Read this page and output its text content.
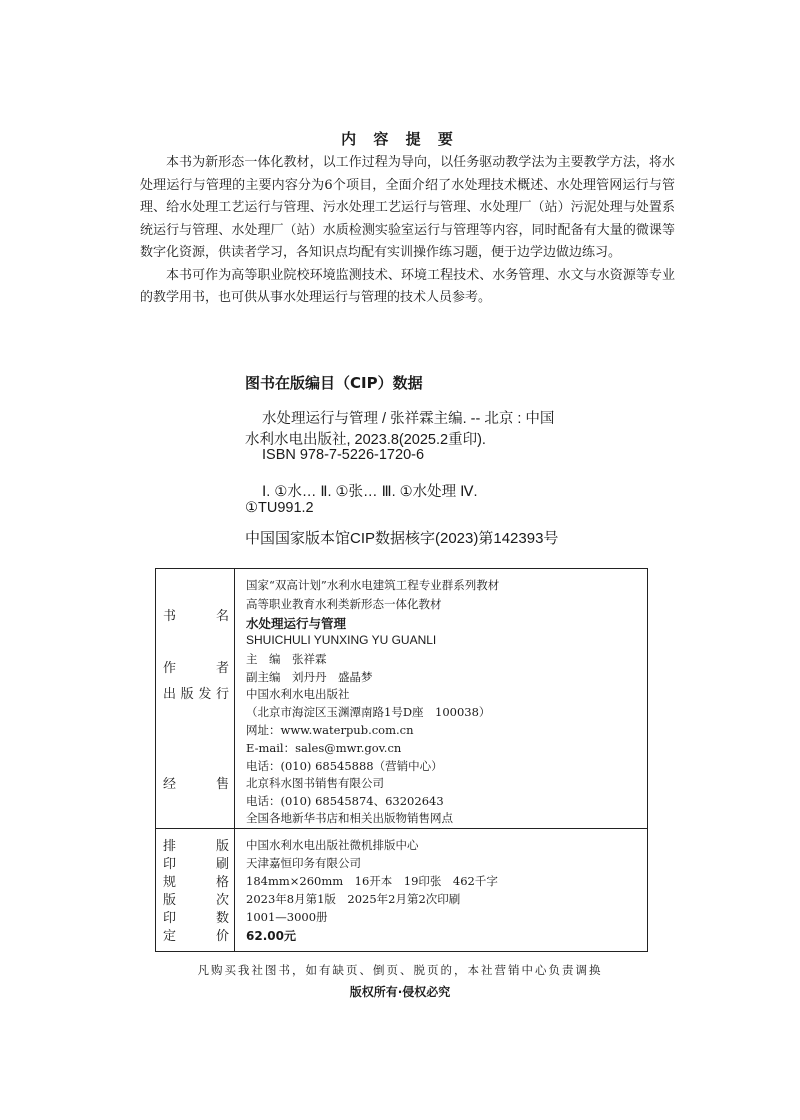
内 容 提 要

本书为新形态一体化教材，以工作过程为导向，以任务驱动教学法为主要教学方法，将水处理运行与管理的主要内容分为6个项目，全面介绍了水处理技术概述、水处理管网运行与管理、给水处理工艺运行与管理、污水处理工艺运行与管理、水处理厂（站）污泥处理与处置系统运行与管理、水处理厂（站）水质检测实验室运行与管理等内容，同时配备有大量的微课等数字化资源，供读者学习，各知识点均配有实训操作练习题，便于边学边做边练习。

本书可作为高等职业院校环境监测技术、环境工程技术、水务管理、水文与水资源等专业的教学用书，也可供从事水处理运行与管理的技术人员参考。

图书在版编目（CIP）数据
水处理运行与管理 / 张祥霖主编. -- 北京 : 中国
水利水电出版社, 2023.8(2025.2重印).
ISBN 978-7-5226-1720-6
Ⅰ. ①水… Ⅱ. ①张… Ⅲ. ①水处理 Ⅳ.
①TU991.2
中国国家版本馆CIP数据核字(2023)第142393号
国家“双高计划”水利水电建筑工程专业群系列教材
高等职业教育水利类新形态一体化教材
书　　名 水处理运行与管理
SHUICHULI YUNXING YU GUANLI
主　编　张祥霖
作　　者
副主编　刘丹丹　盛晶梦
出版发行 中国水利水电出版社
（北京市海淀区玉渊潭南路1号D座　100038）
网址：www.waterpub.com.cn
E-mail：sales@mwr.gov.cn
电话：(010) 68545888（营销中心）
经　　售 北京科水图书销售有限公司
电话：(010) 68545874、63202643
全国各地新华书店和相关出版物销售网点
排　　版 中国水利水电出版社微机排版中心
印　　刷 天津嘉恒印务有限公司
规　　格 184mm×260mm　16开本　19印张　462千字
版　　次 2023年8月第1版　2025年2月第2次印刷
印　　数 1001—3000册
定　　价 62.00元
凡购买我社图书，如有缺页、倒页、脱页的，本社营销中心负责调换
版权所有·侵权必究
